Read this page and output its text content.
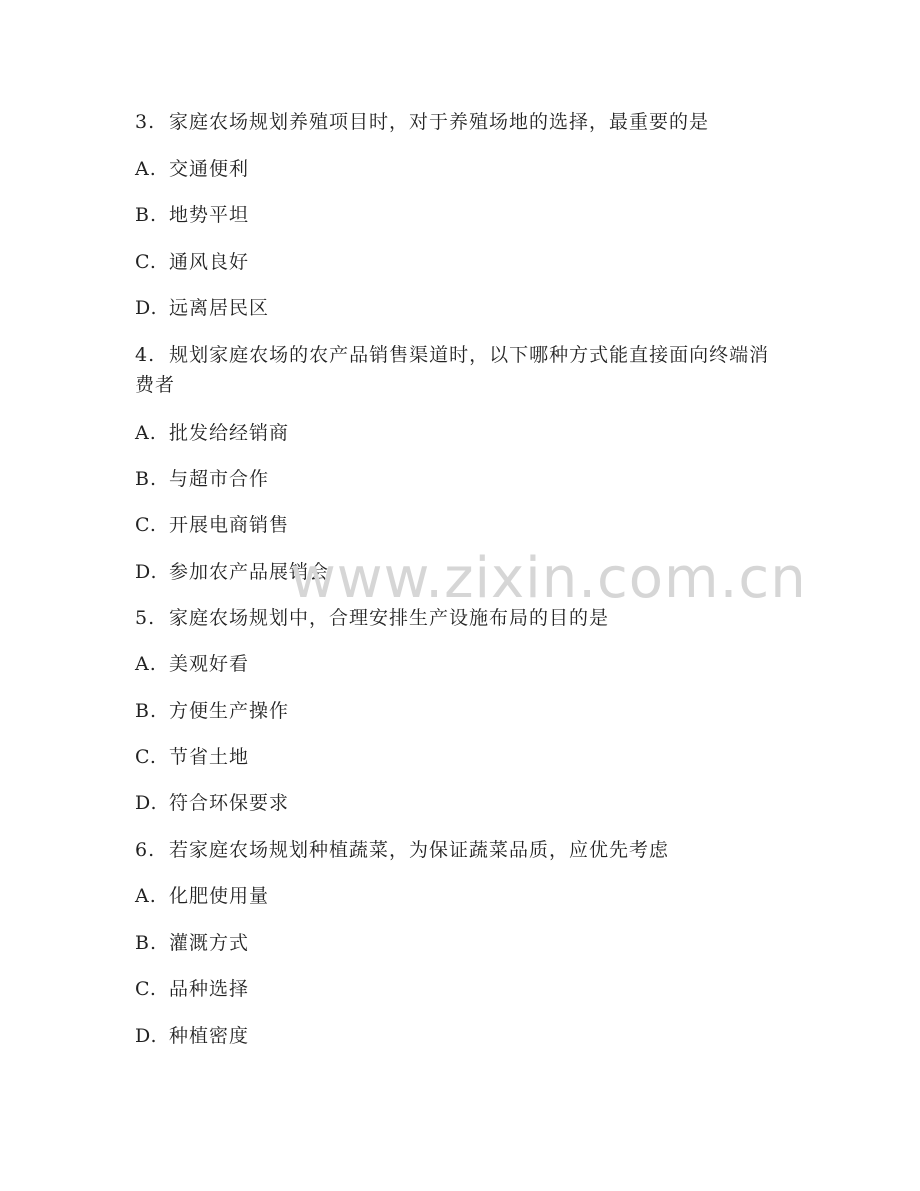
3. 家庭农场规划养殖项目时，对于养殖场地的选择，最重要的是
A. 交通便利
B. 地势平坦
C. 通风良好
D. 远离居民区
4. 规划家庭农场的农产品销售渠道时，以下哪种方式能直接面向终端消费者
A. 批发给经销商
B. 与超市合作
C. 开展电商销售
D. 参加农产品展销会
5. 家庭农场规划中，合理安排生产设施布局的目的是
A. 美观好看
B. 方便生产操作
C. 节省土地
D. 符合环保要求
6. 若家庭农场规划种植蔬菜，为保证蔬菜品质，应优先考虑
A. 化肥使用量
B. 灌溉方式
C. 品种选择
D. 种植密度
www.zixin.com.cn
